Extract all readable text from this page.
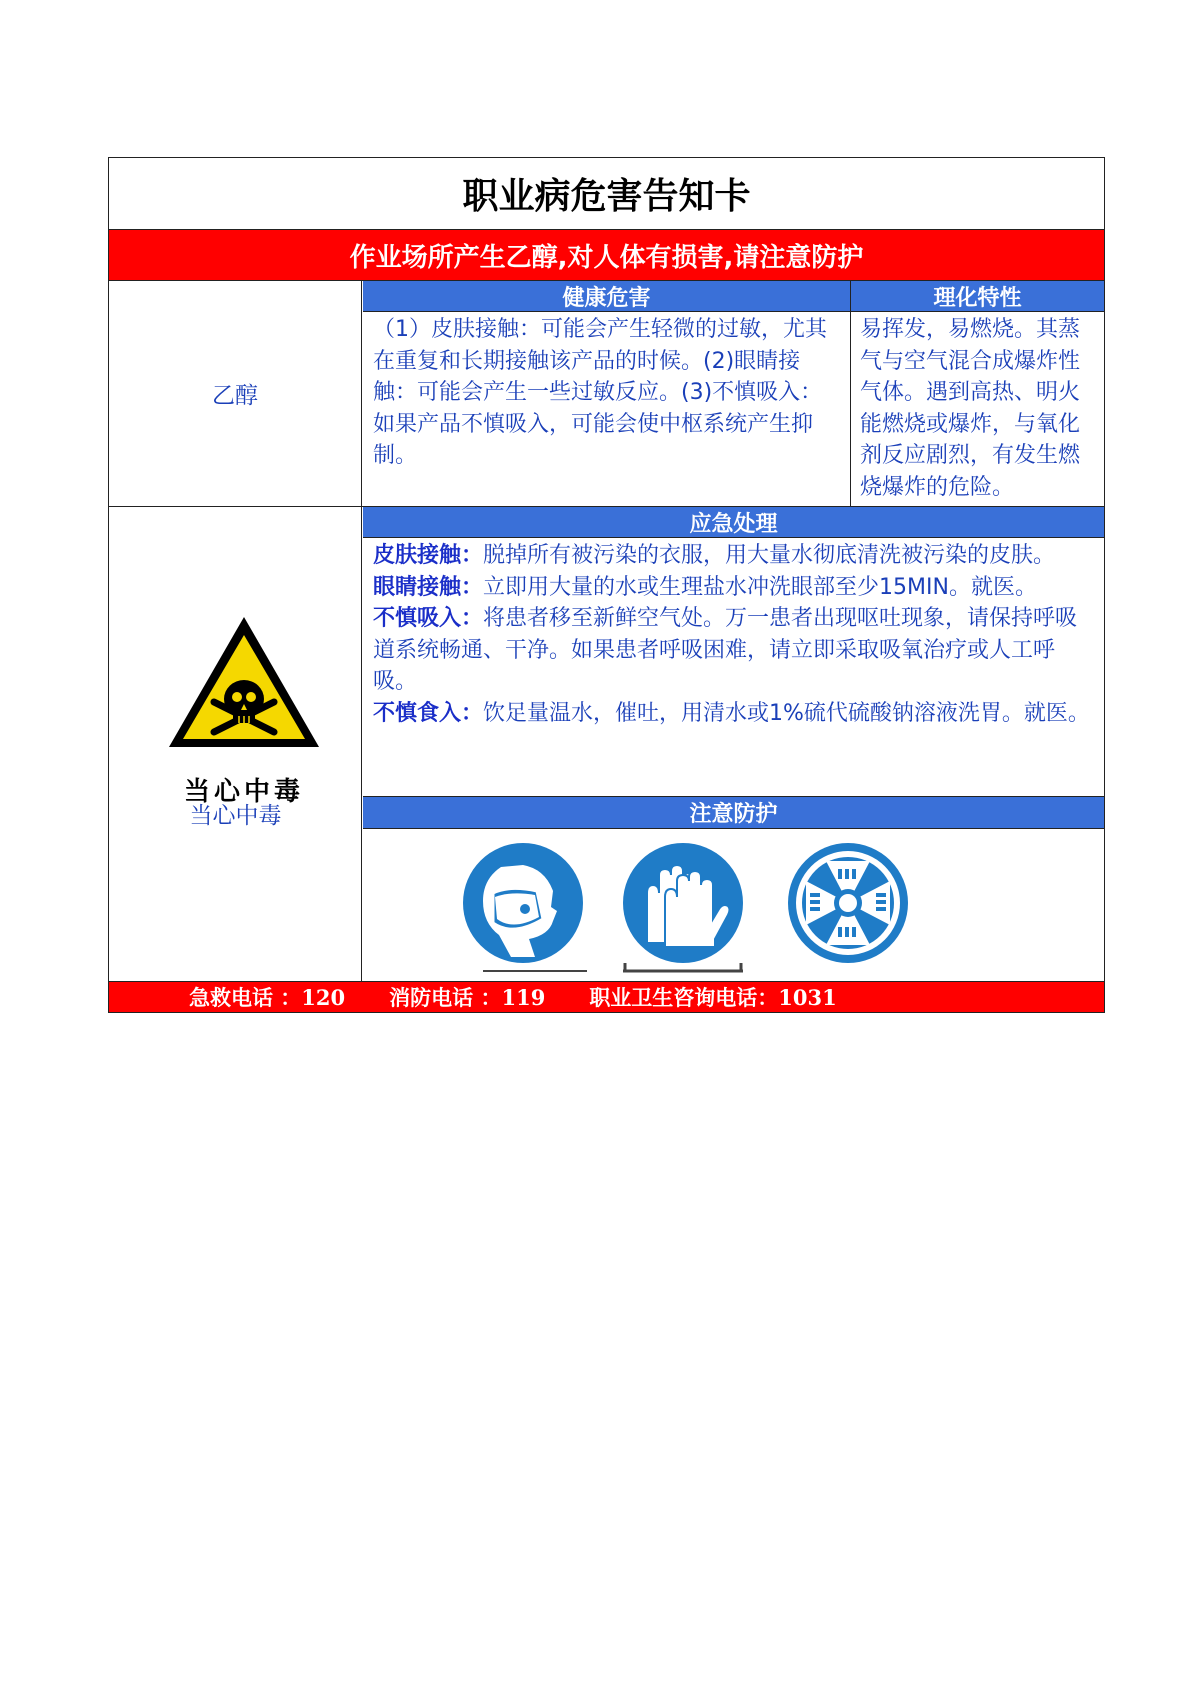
职业病危害告知卡
作业场所产生乙醇,对人体有损害,请注意防护
乙醇
健康危害	理化特性
（1）皮肤接触：可能会产生轻微的过敏，尤其在重复和长期接触该产品的时候。(2)眼睛接触：可能会产生一些过敏反应。(3)不慎吸入： 如果产品不慎吸入，可能会使中枢系统产生抑制。
易挥发，易燃烧。其蒸气与空气混合成爆炸性气体。遇到高热、明火能燃烧或爆炸，与氧化剂反应剧烈，有发生燃烧爆炸的危险。
当心中毒
当心中毒
应急处理
皮肤接触：脱掉所有被污染的衣服，用大量水彻底清洗被污染的皮肤。
眼睛接触：立即用大量的水或生理盐水冲洗眼部至少15MIN。就医。
不慎吸入：将患者移至新鲜空气处。万一患者出现呕吐现象，请保持呼吸道系统畅通、干净。如果患者呼吸困难，请立即采取吸氧治疗或人工呼吸。
不慎食入：饮足量温水，催吐，用清水或1%硫代硫酸钠溶液洗胃。就医。
注意防护
急救电话 ：120 消防电话 ：119 职业卫生咨询电话：1031
